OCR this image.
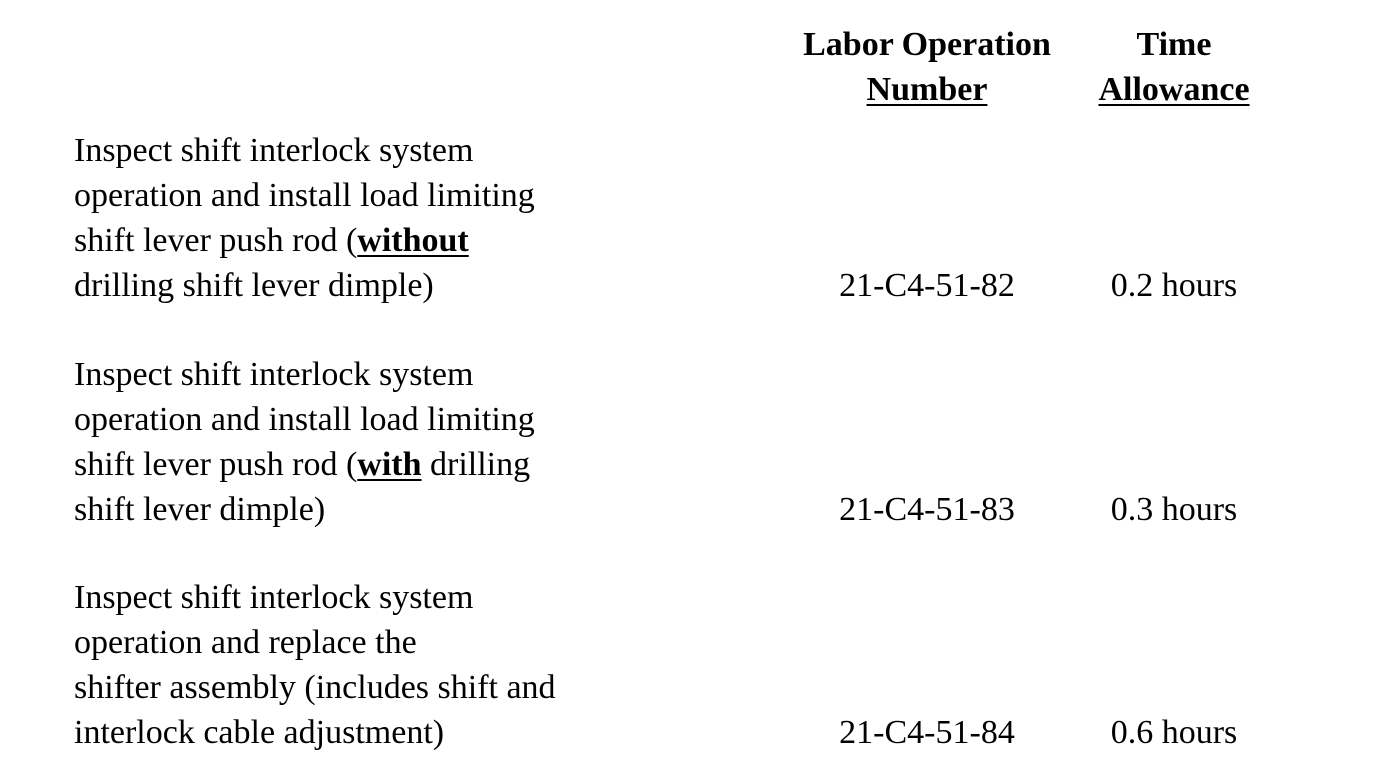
Labor Operation
Number
Time
Allowance
Inspect shift interlock system
operation and install load limiting
shift lever push rod (without
drilling shift lever dimple)	21-C4-51-82	0.2 hours
Inspect shift interlock system
operation and install load limiting
shift lever push rod (with drilling
shift lever dimple)	21-C4-51-83	0.3 hours
Inspect shift interlock system
operation and replace the
shifter assembly (includes shift and
interlock cable adjustment)	21-C4-51-84	0.6 hours
